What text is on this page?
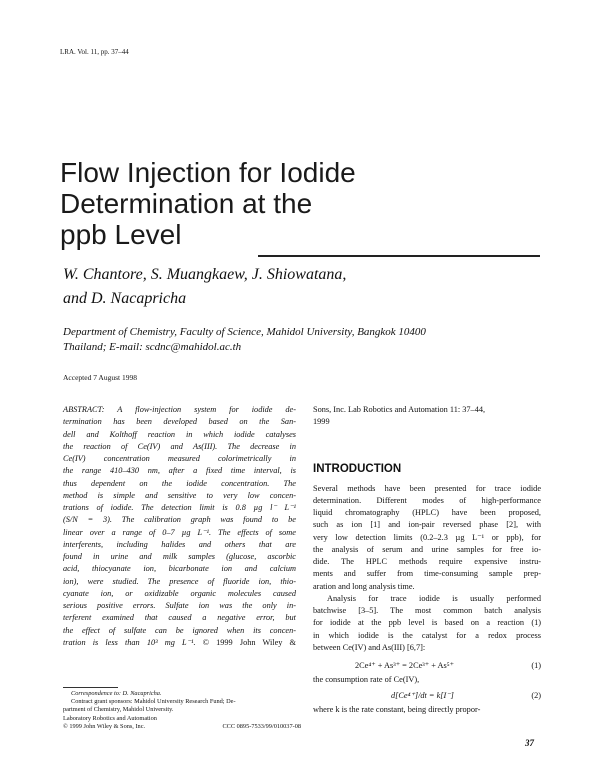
LRA. Vol. 11, pp. 37–44
Flow Injection for Iodide
Determination at the
ppb Level
W. Chantore, S. Muangkaew, J. Shiowatana,
and D. Nacapricha
Department of Chemistry, Faculty of Science, Mahidol University, Bangkok 10400
Thailand; E-mail: scdnc@mahidol.ac.th
Accepted 7 August 1998
ABSTRACT: A flow-injection system for iodide de-
termination has been developed based on the San-
dell and Kolthoff reaction in which iodide catalyses
the reaction of Ce(IV) and As(III). The decrease in
Ce(IV) concentration measured colorimetrically in
the range 410–430 nm, after a fixed time interval, is
thus dependent on the iodide concentration. The
method is simple and sensitive to very low concen-
trations of iodide. The detection limit is 0.8 µg l⁻ L⁻¹
(S/N = 3). The calibration graph was found to be
linear over a range of 0–7 µg L⁻¹. The effects of some
interferents, including halides and others that are
found in urine and milk samples (glucose, ascorbic
acid, thiocyanate ion, bicarbonate ion and calcium
ion), were studied. The presence of fluoride ion, thio-
cyanate ion, or oxidizable organic molecules caused
serious positive errors. Sulfate ion was the only in-
terferent examined that caused a negative error, but
the effect of sulfate can be ignored when its concen-
tration is less than 10³ mg L⁻¹. © 1999 John Wiley &
Sons, Inc. Lab Robotics and Automation 11: 37–44,
1999
INTRODUCTION
Several methods have been presented for trace iodide
determination. Different modes of high-performance
liquid chromatography (HPLC) have been proposed,
such as ion [1] and ion-pair reversed phase [2], with
very low detection limits (0.2–2.3 µg L⁻¹ or ppb), for
the analysis of serum and urine samples for free io-
dide. The HPLC methods require expensive instru-
ments and suffer from time-consuming sample prep-
aration and long analysis time.
Analysis for trace iodide is usually performed
batchwise [3–5]. The most common batch analysis
for iodide at the ppb level is based on a reaction (1)
in which iodide is the catalyst for a redox process
between Ce(IV) and As(III) [6,7]:
2Ce⁴⁺ + As³⁺ = 2Ce³⁺ + As⁵⁺	(1)
the consumption rate of Ce(IV),
d[Ce⁴⁺]/dt = k[I⁻]	(2)
where k is the rate constant, being directly propor-
Correspondence to: D. Nacapricha.
Contract grant sponsors: Mahidol University Research Fund; De-
partment of Chemistry, Mahidol University.
Laboratory Robotics and Automation
© 1999 John Wiley & Sons, Inc.	CCC 0895-7533/99/010037-08
37
